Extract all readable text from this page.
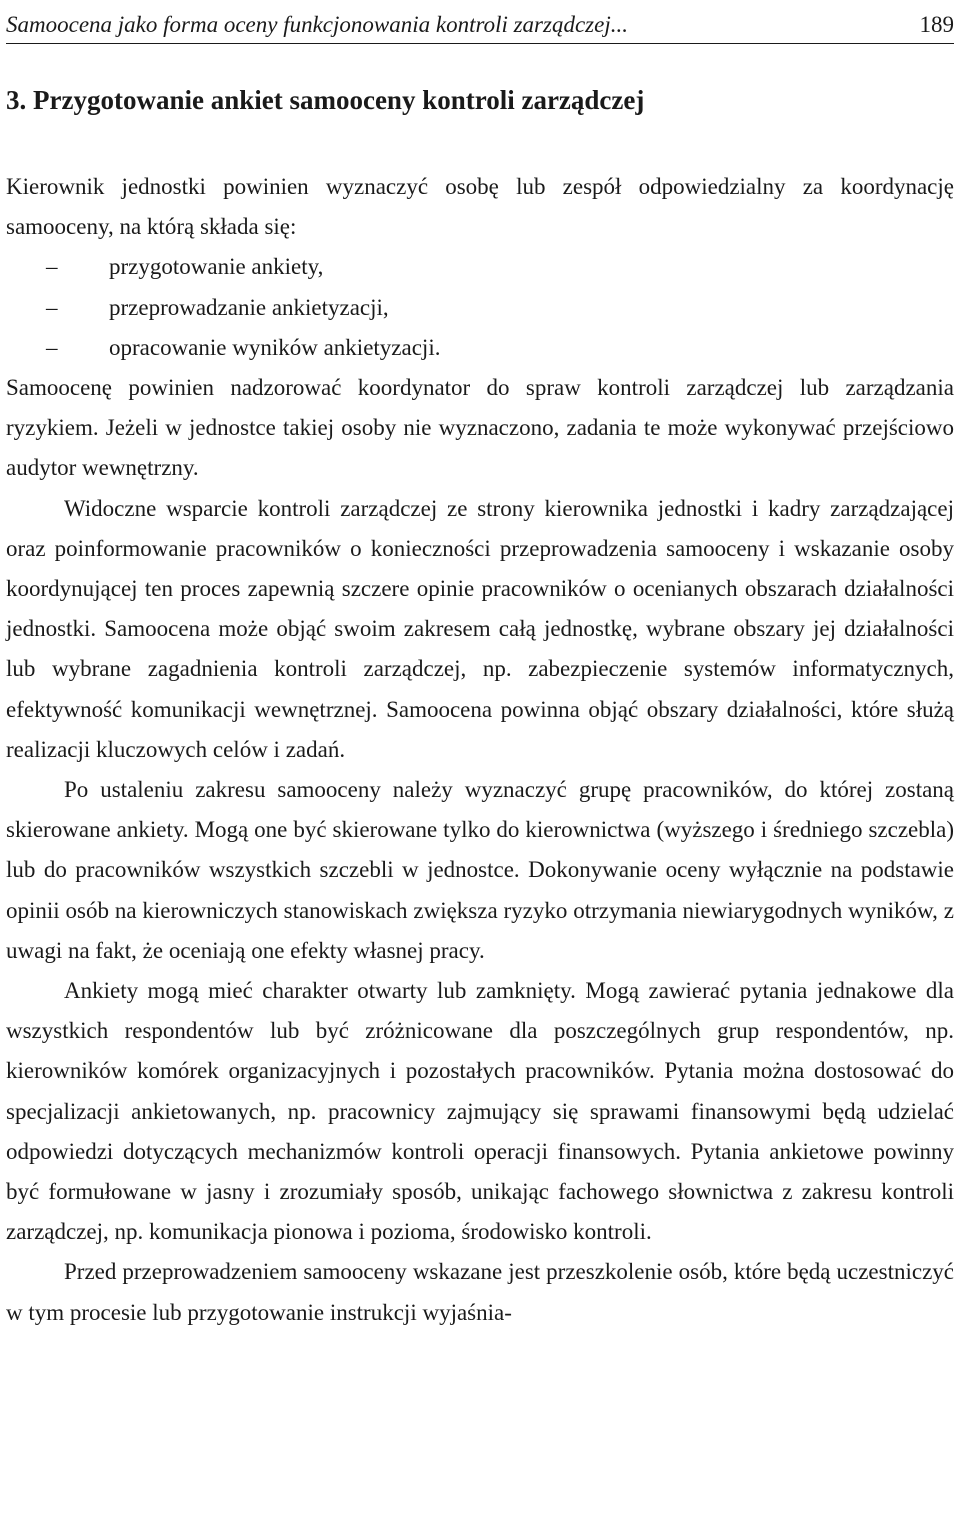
Samoocena jako forma oceny funkcjonowania kontroli zarządczej...	189
3. Przygotowanie ankiet samooceny kontroli zarządczej

Kierownik jednostki powinien wyznaczyć osobę lub zespół odpowiedzialny za koordynację samooceny, na którą składa się:

– przygotowanie ankiety,
– przeprowadzanie ankietyzacji,
– opracowanie wyników ankietyzacji.

Samoocenę powinien nadzorować koordynator do spraw kontroli zarządczej lub zarządzania ryzykiem. Jeżeli w jednostce takiej osoby nie wyznaczono, zadania te może wykonywać przejściowo audytor wewnętrzny.

Widoczne wsparcie kontroli zarządczej ze strony kierownika jednostki i kadry zarządzającej oraz poinformowanie pracowników o konieczności przeprowadzenia samooceny i wskazanie osoby koordynującej ten proces zapewnią szczere opinie pracowników o ocenianych obszarach działalności jednostki. Samoocena może objąć swoim zakresem całą jednostkę, wybrane obszary jej działalności lub wybrane zagadnienia kontroli zarządczej, np. zabezpieczenie systemów informatycznych, efektywność komunikacji wewnętrznej. Samoocena powinna objąć obszary działalności, które służą realizacji kluczowych celów i zadań.

Po ustaleniu zakresu samooceny należy wyznaczyć grupę pracowników, do której zostaną skierowane ankiety. Mogą one być skierowane tylko do kierownictwa (wyższego i średniego szczebla) lub do pracowników wszystkich szczebli w jednostce. Dokonywanie oceny wyłącznie na podstawie opinii osób na kierowniczych stanowiskach zwiększa ryzyko otrzymania niewiarygodnych wyników, z uwagi na fakt, że oceniają one efekty własnej pracy.

Ankiety mogą mieć charakter otwarty lub zamknięty. Mogą zawierać pytania jednakowe dla wszystkich respondentów lub być zróżnicowane dla poszczególnych grup respondentów, np. kierowników komórek organizacyjnych i pozostałych pracowników. Pytania można dostosować do specjalizacji ankietowanych, np. pracownicy zajmujący się sprawami finansowymi będą udzielać odpowiedzi dotyczących mechanizmów kontroli operacji finansowych. Pytania ankietowe powinny być formułowane w jasny i zrozumiały sposób, unikając fachowego słownictwa z zakresu kontroli zarządczej, np. komunikacja pionowa i pozioma, środowisko kontroli.

Przed przeprowadzeniem samooceny wskazane jest przeszkolenie osób, które będą uczestniczyć w tym procesie lub przygotowanie instrukcji wyjaśnia-
